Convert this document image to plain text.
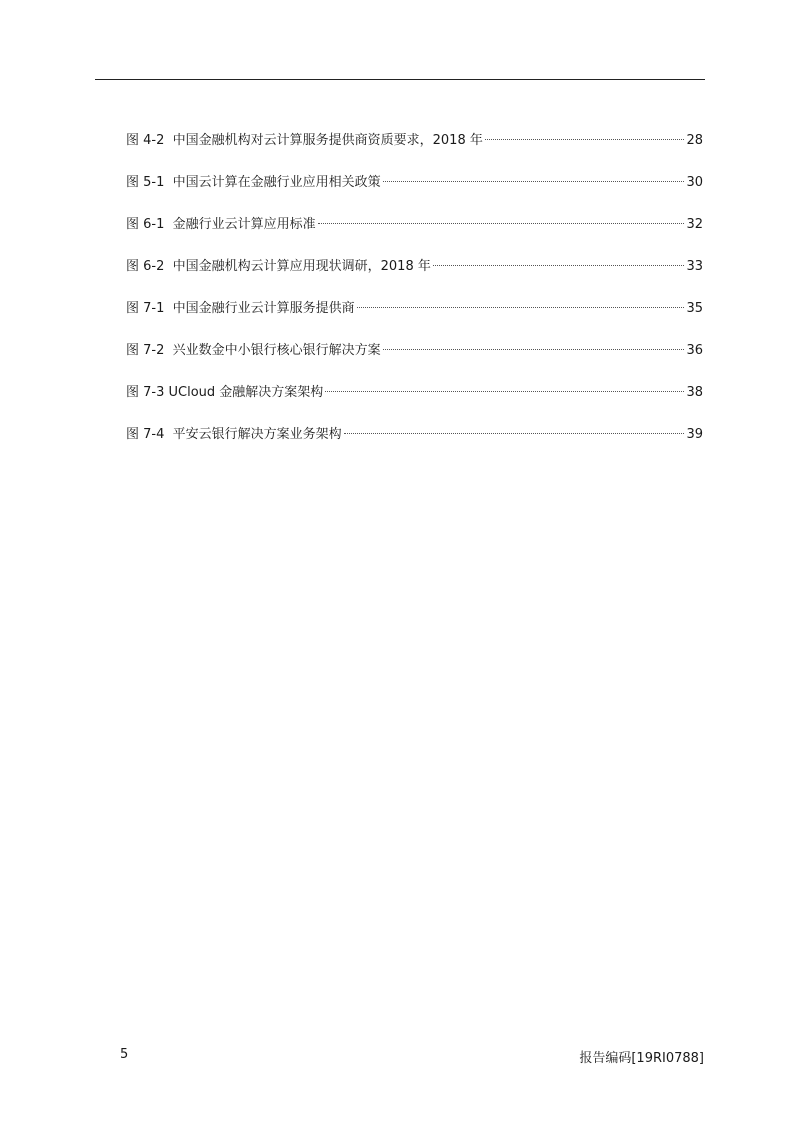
图 4-2 中国金融机构对云计算服务提供商资质要求，2018 年	28
图 5-1 中国云计算在金融行业应用相关政策	30
图 6-1 金融行业云计算应用标准	32
图 6-2 中国金融机构云计算应用现状调研，2018 年	33
图 7-1 中国金融行业云计算服务提供商	35
图 7-2 兴业数金中小银行核心银行解决方案	36
图 7-3 UCloud 金融解决方案架构	38
图 7-4 平安云银行解决方案业务架构	39
5	报告编码[19RI0788]
